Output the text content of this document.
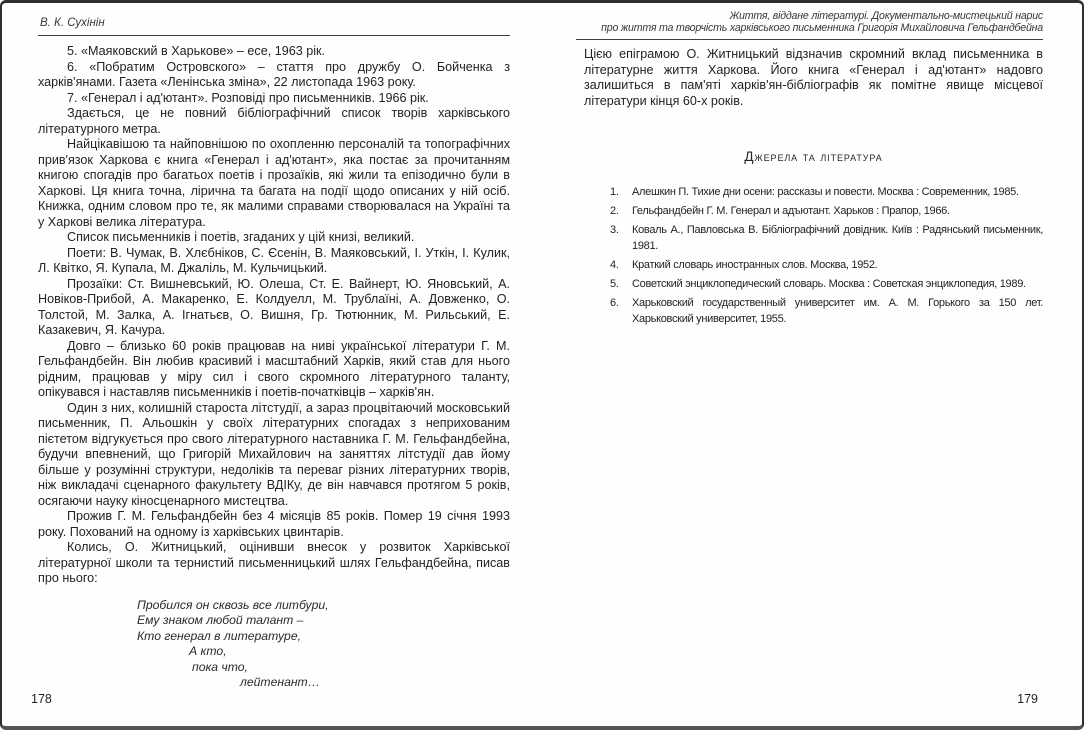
В. К. Сухінін

5. «Маяковский в Харькове» – есе, 1963 рік.

6. «Побратим Островского» – стаття про дружбу О. Бойченка з харків'янами. Газета «Ленінська зміна», 22 листопада 1963 року.

7. «Генерал і ад'ютант». Розповіді про письменників. 1966 рік.

Здається, це не повний бібліографічний список творів харківського літературного метра.

Найцікавішою та найповнішою по охопленню персоналій та топографічних прив'язок Харкова є книга «Генерал і ад'ютант», яка постає за прочитанням книгою спогадів про багатьох поетів і прозаїків, які жили та епізодично були в Харкові. Ця книга точна, лірична та багата на події щодо описаних у ній осіб. Книжка, одним словом про те, як малими справами створювалася на Україні та у Харкові велика література.

Список письменників і поетів, згаданих у цій книзі, великий.

Поети: В. Чумак, В. Хлєбніков, С. Єсенін, В. Маяковський, І. Уткін, І. Кулик, Л. Квітко, Я. Купала, М. Джаліль, М. Кульчицький.

Прозаїки: Ст. Вишневський, Ю. Олеша, Ст. Е. Вайнерт, Ю. Яновський, А. Новіков-Прибой, А. Макаренко, Е. Колдуелл, М. Трублаїні, А. Довженко, О. Толстой, М. Залка, А. Ігнатьєв, О. Вишня, Гр. Тютюнник, М. Рильський, Е. Казакевич, Я. Качура.

Довго – близько 60 років працював на ниві української літератури Г. М. Гельфандбейн. Він любив красивий і масштабний Харків, який став для нього рідним, працював у міру сил і свого скромного літературного таланту, опікувався і наставляв письменників і поетів-початківців – харків'ян.

Один з них, колишній староста літстудії, а зараз процвітаючий московський письменник, П. Альошкін у своїх літературних спогадах з неприхованим пієтетом відгукується про свого літературного наставника Г. М. Гельфандбейна, будучи впевнений, що Григорій Михайлович на заняттях літстудії дав йому більше у розумінні структури, недоліків та переваг різних літературних творів, ніж викладачі сценарного факультету ВДІКу, де він навчався протягом 5 років, осягаючи науку кіносценарного мистецтва.

Прожив Г. М. Гельфандбейн без 4 місяців 85 років. Помер 19 січня 1993 року. Похований на одному із харківських цвинтарів.

Колись, О. Житницький, оцінивши внесок у розвиток Харківської літературної школи та тернистий письменницький шлях Гельфандбейна, писав про нього:

Пробился он сквозь все литбури,
Ему знаком любой талант –
Кто генерал в литературе,
А кто,
пока что,
лейтенант…
Життя, віддане літературі. Документально-мистецький нарис
про життя та творчість харківського письменника Григорія Михайловича Гельфандбейна

Цією епіграмою О. Житницький відзначив скромний вклад письменника в літературне життя Харкова. Його книга «Генерал і ад'ютант» надовго залишиться в пам'яті харків'ян-бібліографів як помітне явище місцевої літератури кінця 60-х років.

Джерела та література
1.	Алешкин П. Тихие дни осени: рассказы и повести. Москва : Современник, 1985.
2.	Гельфандбейн Г. М. Генерал и адъютант. Харьков : Прапор, 1966.
3.	Коваль А., Павловська В. Бібліографічний довідник. Київ : Радянський письменник, 1981.
4.	Краткий словарь иностранных слов. Москва, 1952.
5.	Советский энциклопедический словарь. Москва : Советская энциклопедия, 1989.
6.	Харьковский государственный университет им. А. М. Горького за 150 лет. Харьковский университет, 1955.
178	179
